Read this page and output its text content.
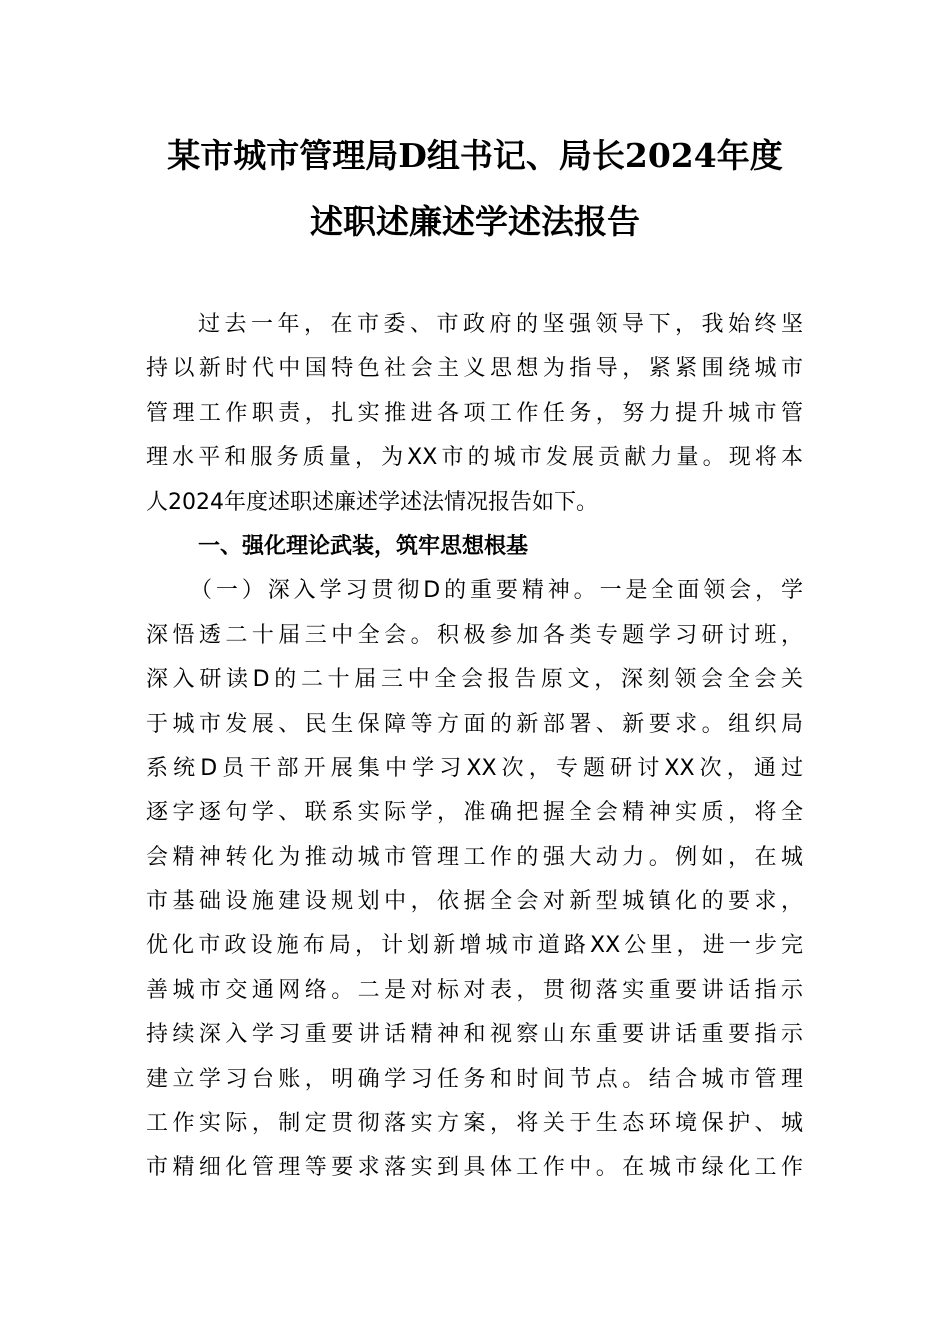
某市城市管理局D组书记、局长2024年度
述职述廉述学述法报告
过去一年，在市委、市政府的坚强领导下，我始终坚
持以新时代中国特色社会主义思想为指导，紧紧围绕城市
管理工作职责，扎实推进各项工作任务，努力提升城市管
理水平和服务质量，为XX市的城市发展贡献力量。现将本
人2024年度述职述廉述学述法情况报告如下。
一、强化理论武装，筑牢思想根基
（一）深入学习贯彻D的重要精神。一是全面领会，学
深悟透二十届三中全会。积极参加各类专题学习研讨班，
深入研读D的二十届三中全会报告原文，深刻领会全会关
于城市发展、民生保障等方面的新部署、新要求。组织局
系统D员干部开展集中学习XX次，专题研讨XX次，通过
逐字逐句学、联系实际学，准确把握全会精神实质，将全
会精神转化为推动城市管理工作的强大动力。例如，在城
市基础设施建设规划中，依据全会对新型城镇化的要求，
优化市政设施布局，计划新增城市道路XX公里，进一步完
善城市交通网络。二是对标对表，贯彻落实重要讲话指示
持续深入学习重要讲话精神和视察山东重要讲话重要指示
建立学习台账，明确学习任务和时间节点。结合城市管理
工作实际，制定贯彻落实方案，将关于生态环境保护、城
市精细化管理等要求落实到具体工作中。在城市绿化工作
